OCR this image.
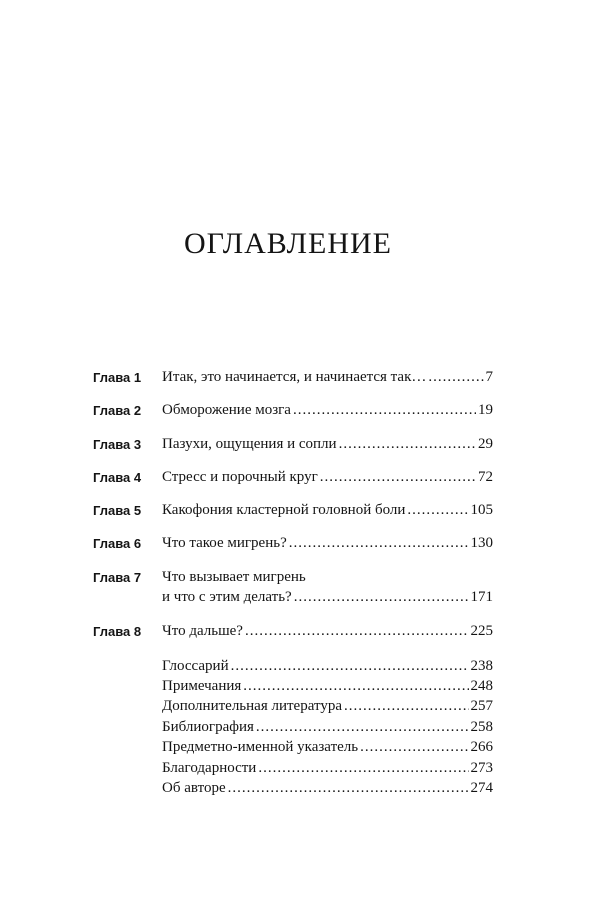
ОГЛАВЛЕНИЕ
Глава 1	Итак, это начинается, и начинается так… .....	7
Глава 2	Обморожение мозга .....	19
Глава 3	Пазухи, ощущения и сопли .....	29
Глава 4	Стресс и порочный круг .....	72
Глава 5	Какофония кластерной головной боли .....	105
Глава 6	Что такое мигрень? .....	130
Глава 7	Что вызывает мигрень
и что с этим делать? .....	171
Глава 8	Что дальше? .....	225
Глоссарий .....	238
Примечания .....	248
Дополнительная литература .....	257
Библиография .....	258
Предметно-именной указатель .....	266
Благодарности .....	273
Об авторе .....	274
